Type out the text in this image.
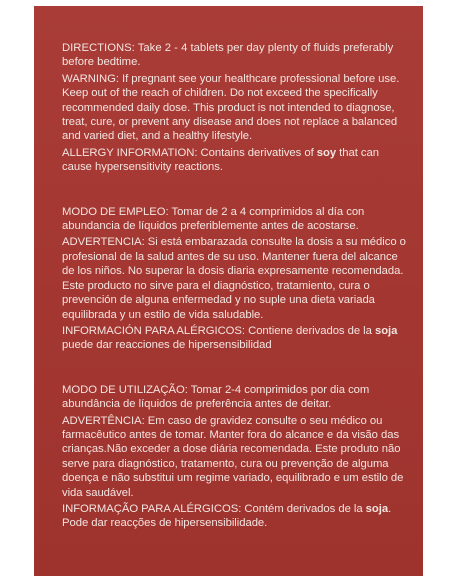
DIRECTIONS: Take 2 - 4 tablets per day plenty of fluids preferably before bedtime.

WARNING: If pregnant see your healthcare professional before use. Keep out of the reach of children. Do not exceed the specifically recommended daily dose. This product is not intended to diagnose, treat, cure, or prevent any disease and does not replace a balanced and varied diet, and a healthy lifestyle.

ALLERGY INFORMATION: Contains derivatives of soy that can cause hypersensitivity reactions.

MODO DE EMPLEO: Tomar de 2 a 4 comprimidos al día con abundancia de líquidos preferiblemente antes de acostarse.

ADVERTENCIA: Si está embarazada consulte la dosis a su médico o profesional de la salud antes de su uso. Mantener fuera del alcance de los niños. No superar la dosis diaria expresamente recomendada. Este producto no sirve para el diagnóstico, tratamiento, cura o prevención de alguna enfermedad y no suple una dieta variada equilibrada y un estilo de vida saludable.

INFORMACIÓN PARA ALÉRGICOS: Contiene derivados de la soja puede dar reacciones de hipersensibilidad

MODO DE UTILIZAÇÃO: Tomar 2-4 comprimidos por dia com abundância de líquidos de preferência antes de deitar.

ADVERTÊNCIA: Em caso de gravidez consulte o seu médico ou farmacêutico antes de tomar. Manter fora do alcance e da visão das crianças.Não exceder a dose diária recomendada. Este produto não serve para diagnóstico, tratamento, cura ou prevenção de alguma doença e não substitui um regime variado, equilibrado e um estilo de vida saudável.

INFORMAÇÃO PARA ALÉRGICOS: Contém derivados de la soja. Pode dar reacções de hipersensibilidade.
